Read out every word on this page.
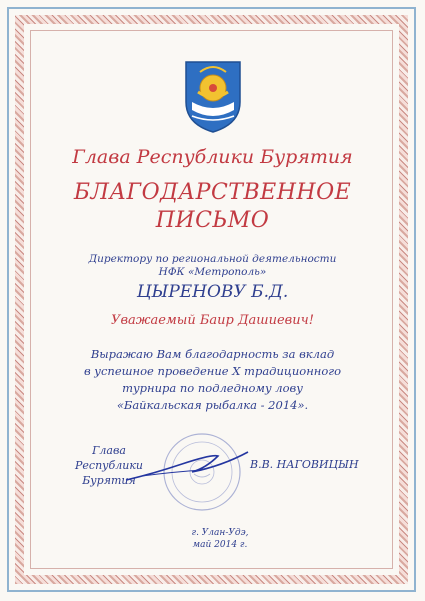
Глава Республики Бурятия
БЛАГОДАРСТВЕННОЕ
ПИСЬМО
Директору по региональной деятельности
НФК «Метрополь»
ЦЫРЕНОВУ Б.Д.
Уважаемый Баир Дашиевич!
Выражаю Вам благодарность за вклад
в успешное проведение X традиционного
турнира по подледному лову
«Байкальская рыбалка - 2014».
Глава
Республики Бурятия
В.В. НАГОВИЦЫН
г. Улан-Удэ,
май 2014 г.
